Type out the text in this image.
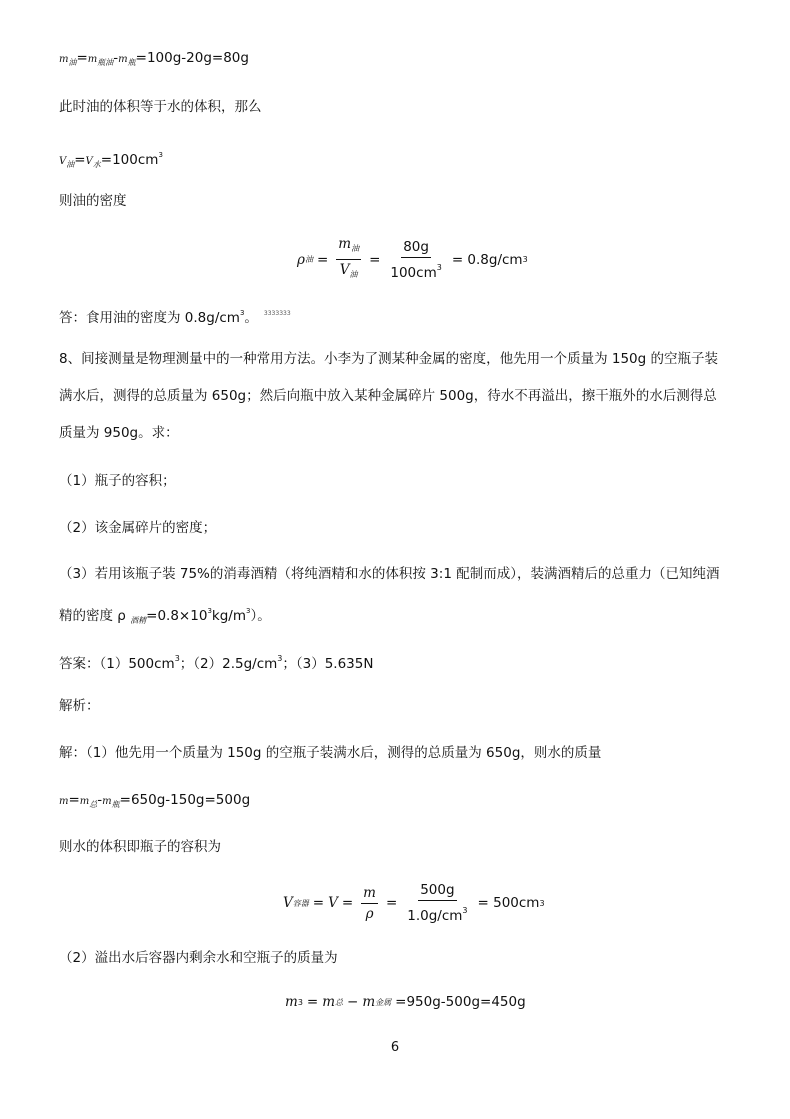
$m_油=m_{瓶油}-m_瓶=100g-20g=80g$
此时油的体积等于水的体积，那么
$V_油=V_水=100cm^3$
则油的密度
ρ 油 = $\frac{m_油}{V_油} = \frac{80g}{100cm^3} = 0.8g/cm$ 3
答：食用油的密度为 $0.8g/cm^3$。 $^{3333333}$
8、间接测量是物理测量中的一种常用方法。小李为了测某种金属的密度，他先用一个质量为 150g 的空瓶子装
满水后，测得的总质量为 650g；然后向瓶中放入某种金属碎片 500g，待水不再溢出，擦干瓶外的水后测得总
质量为 950g。求：
（1）瓶子的容积；
（2）该金属碎片的密度；
（3）若用该瓶子装 75%的消毒酒精（将纯酒精和水的体积按 3:1 配制而成），装满酒精后的总重力（已知纯酒
精的密度 ρ $_{酒精}=0.8\times 10^3kg/m^3$）。
答案：$(1)500cm^3$；$(2)2.5g/cm^3$；（3）5.635N
解析：
解：（1）他先用一个质量为 150g 的空瓶子装满水后，测得的总质量为 650g，则水的质量
$m=m_总-m_瓶=650g-150g=500g$
则水的体积即瓶子的容积为
V 容器 = $V = \frac{m}{\rho} = \frac{500g}{1.0g/cm^3} = 500cm$ 3
（2）溢出水后容器内剩余水和空瓶子的质量为
m 3 = m 总 − m 金属 =950g-500g=450g
6
